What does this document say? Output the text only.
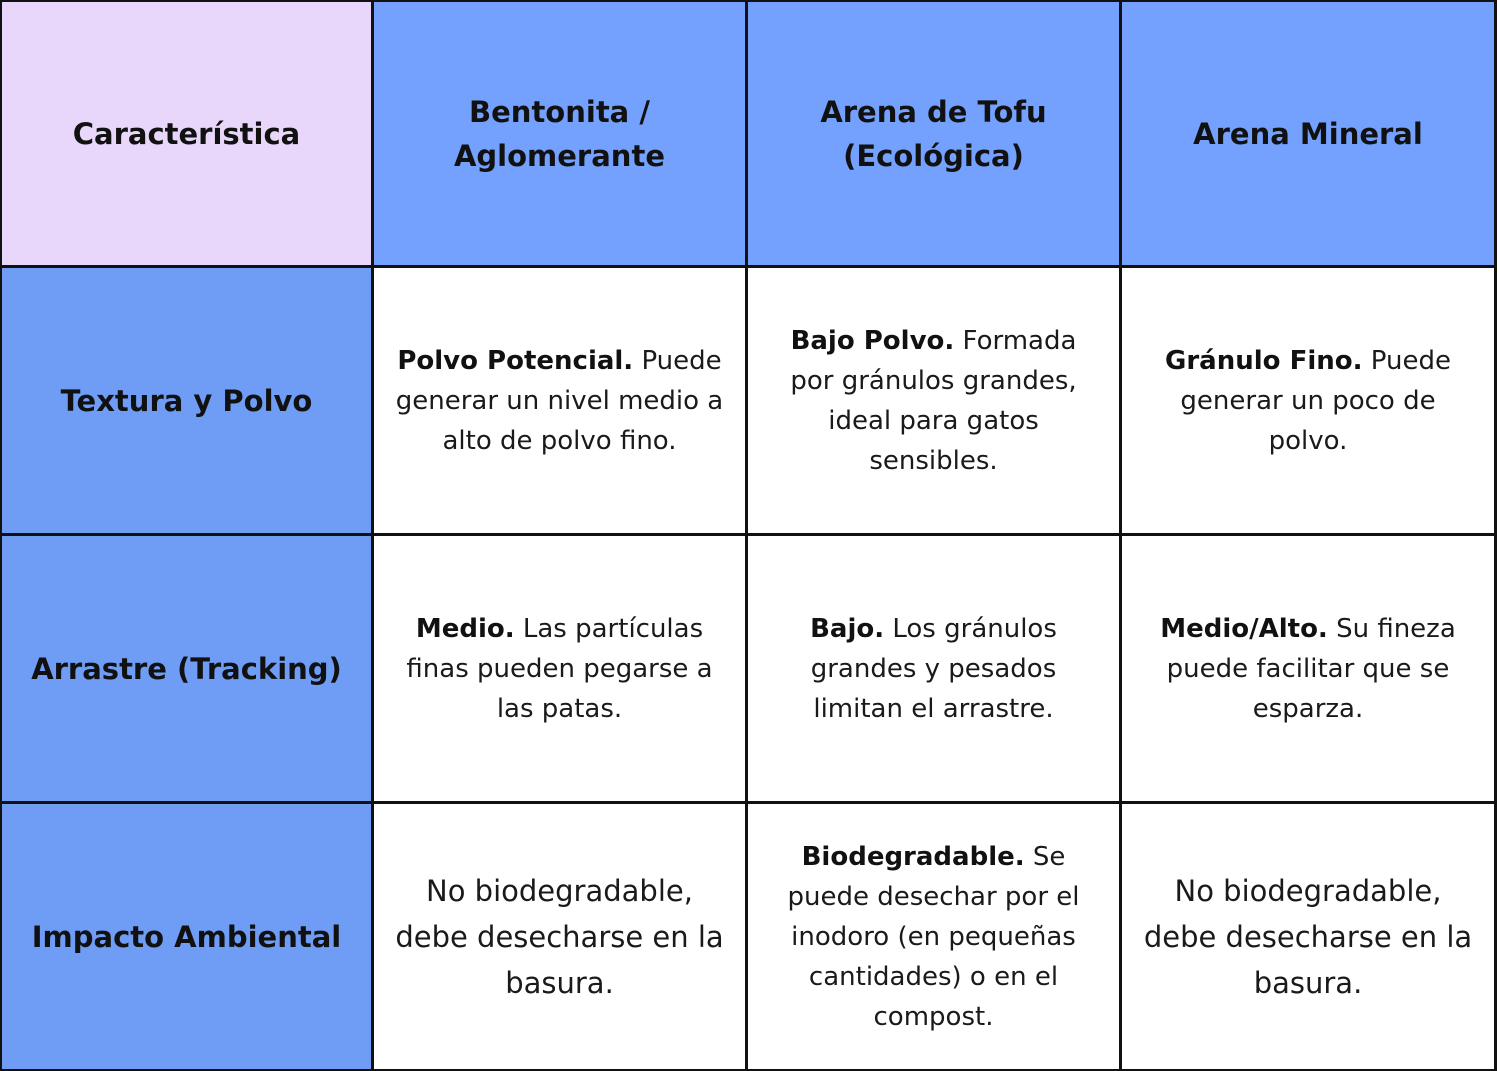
Característica
Bentonita / Aglomerante
Arena de Tofu (Ecológica)
Arena Mineral
Textura y Polvo
Polvo Potencial. Puede generar un nivel medio a alto de polvo fino.
Bajo Polvo. Formada por gránulos grandes, ideal para gatos sensibles.
Gránulo Fino. Puede generar un poco de polvo.
Arrastre (Tracking)
Medio. Las partículas finas pueden pegarse a las patas.
Bajo. Los gránulos grandes y pesados limitan el arrastre.
Medio/Alto. Su fineza puede facilitar que se esparza.
Impacto Ambiental
No biodegradable, debe desecharse en la basura.
Biodegradable. Se puede desechar por el inodoro (en pequeñas cantidades) o en el compost.
No biodegradable, debe desecharse en la basura.
